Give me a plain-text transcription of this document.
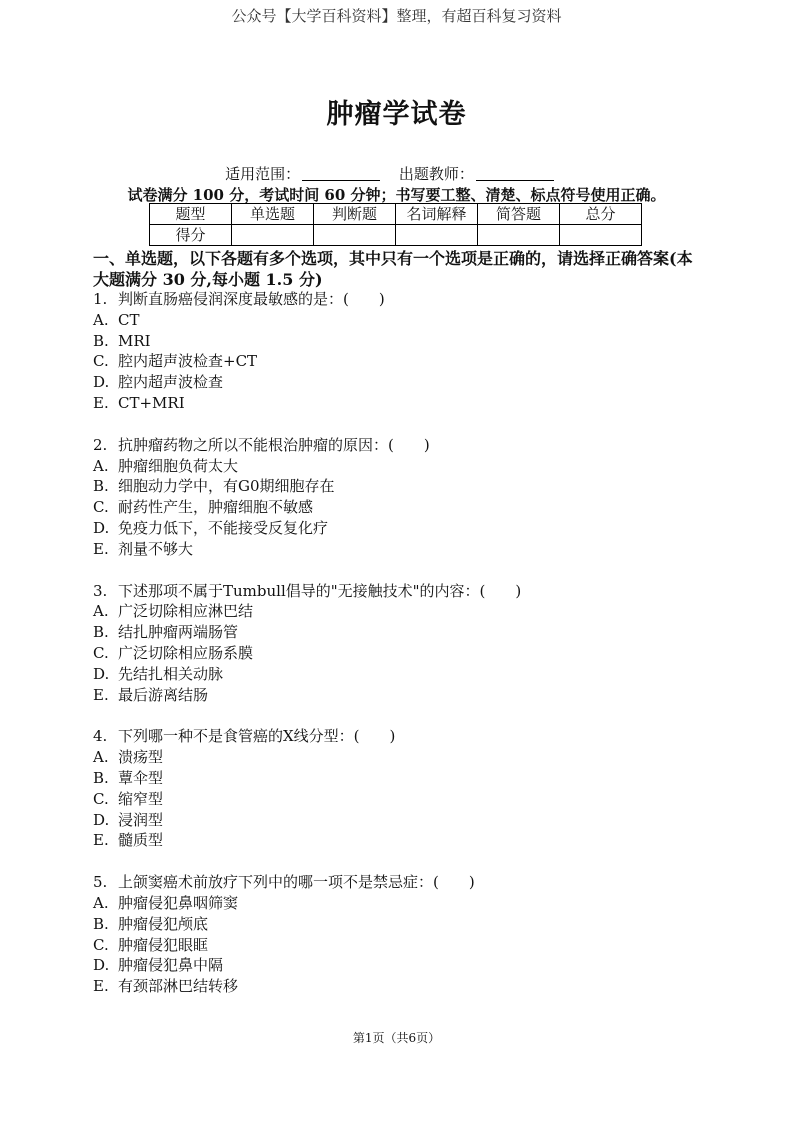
公众号【大学百科资料】整理，有超百科复习资料
肿瘤学试卷
适用范围：	出题教师：
试卷满分 100 分，考试时间 60 分钟；书写要工整、清楚、标点符号使用正确。
题型	单选题	判断题	名词解释	简答题	总分
得分					
一、单选题，以下各题有多个选项，其中只有一个选项是正确的，请选择正确答案(本大题满分 30 分,每小题 1.5 分)
1. 判断直肠癌侵润深度最敏感的是：(　　)
A. CT
B. MRI
C. 腔内超声波检查+CT
D. 腔内超声波检查
E. CT+MRI
2. 抗肿瘤药物之所以不能根治肿瘤的原因：(　　)
A. 肿瘤细胞负荷太大
B. 细胞动力学中，有G0期细胞存在
C. 耐药性产生，肿瘤细胞不敏感
D. 免疫力低下，不能接受反复化疗
E. 剂量不够大
3. 下述那项不属于Tumbull倡导的"无接触技术"的内容：(　　)
A. 广泛切除相应淋巴结
B. 结扎肿瘤两端肠管
C. 广泛切除相应肠系膜
D. 先结扎相关动脉
E. 最后游离结肠
4. 下列哪一种不是食管癌的X线分型：(　　)
A. 溃疡型
B. 蕈伞型
C. 缩窄型
D. 浸润型
E. 髓质型
5. 上颌窦癌术前放疗下列中的哪一项不是禁忌症：(　　)
A. 肿瘤侵犯鼻咽筛窦
B. 肿瘤侵犯颅底
C. 肿瘤侵犯眼眶
D. 肿瘤侵犯鼻中隔
E. 有颈部淋巴结转移
第1页（共6页）
